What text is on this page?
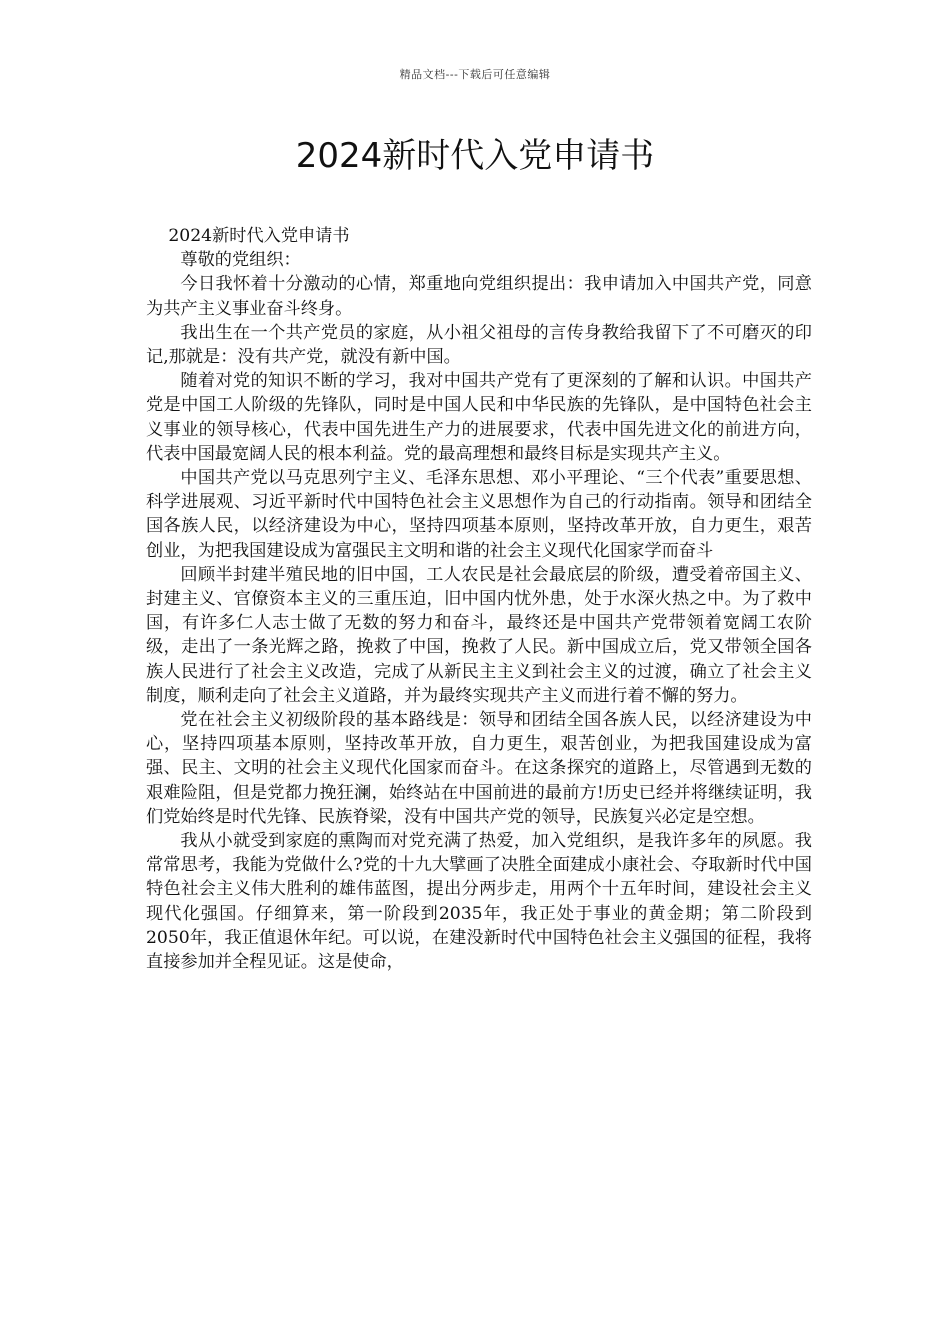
精品文档---下载后可任意编辑
2024新时代入党申请书

2024新时代入党申请书

尊敬的党组织：

今日我怀着十分激动的心情，郑重地向党组织提出：我申请加入中国共产党，同意为共产主义事业奋斗终身。

我出生在一个共产党员的家庭，从小祖父祖母的言传身教给我留下了不可磨灭的印记,那就是：没有共产党，就没有新中国。

随着对党的知识不断的学习，我对中国共产党有了更深刻的了解和认识。中国共产党是中国工人阶级的先锋队，同时是中国人民和中华民族的先锋队，是中国特色社会主义事业的领导核心，代表中国先进生产力的进展要求，代表中国先进文化的前进方向，代表中国最宽阔人民的根本利益。党的最高理想和最终目标是实现共产主义。

中国共产党以马克思列宁主义、毛泽东思想、邓小平理论、“三个代表”重要思想、科学进展观、习近平新时代中国特色社会主义思想作为自己的行动指南。领导和团结全国各族人民，以经济建设为中心，坚持四项基本原则，坚持改革开放，自力更生，艰苦创业，为把我国建设成为富强民主文明和谐的社会主义现代化国家学而奋斗

回顾半封建半殖民地的旧中国，工人农民是社会最底层的阶级，遭受着帝国主义、封建主义、官僚资本主义的三重压迫，旧中国内忧外患，处于水深火热之中。为了救中国，有许多仁人志士做了无数的努力和奋斗，最终还是中国共产党带领着宽阔工农阶级，走出了一条光辉之路，挽救了中国，挽救了人民。新中国成立后，党又带领全国各族人民进行了社会主义改造，完成了从新民主主义到社会主义的过渡，确立了社会主义制度，顺利走向了社会主义道路，并为最终实现共产主义而进行着不懈的努力。

党在社会主义初级阶段的基本路线是：领导和团结全国各族人民，以经济建设为中心，坚持四项基本原则，坚持改革开放，自力更生，艰苦创业，为把我国建设成为富强、民主、文明的社会主义现代化国家而奋斗。在这条探究的道路上，尽管遇到无数的艰难险阻，但是党都力挽狂澜，始终站在中国前进的最前方!历史已经并将继续证明，我们党始终是时代先锋、民族脊梁，没有中国共产党的领导，民族复兴必定是空想。

我从小就受到家庭的熏陶而对党充满了热爱，加入党组织，是我许多年的夙愿。我常常思考，我能为党做什么?党的十九大擘画了决胜全面建成小康社会、夺取新时代中国特色社会主义伟大胜利的雄伟蓝图，提出分两步走，用两个十五年时间，建设社会主义现代化强国。仔细算来，第一阶段到2035年，我正处于事业的黄金期；第二阶段到2050年，我正值退休年纪。可以说，在建没新时代中国特色社会主义强国的征程，我将直接参加并全程见证。这是使命，
